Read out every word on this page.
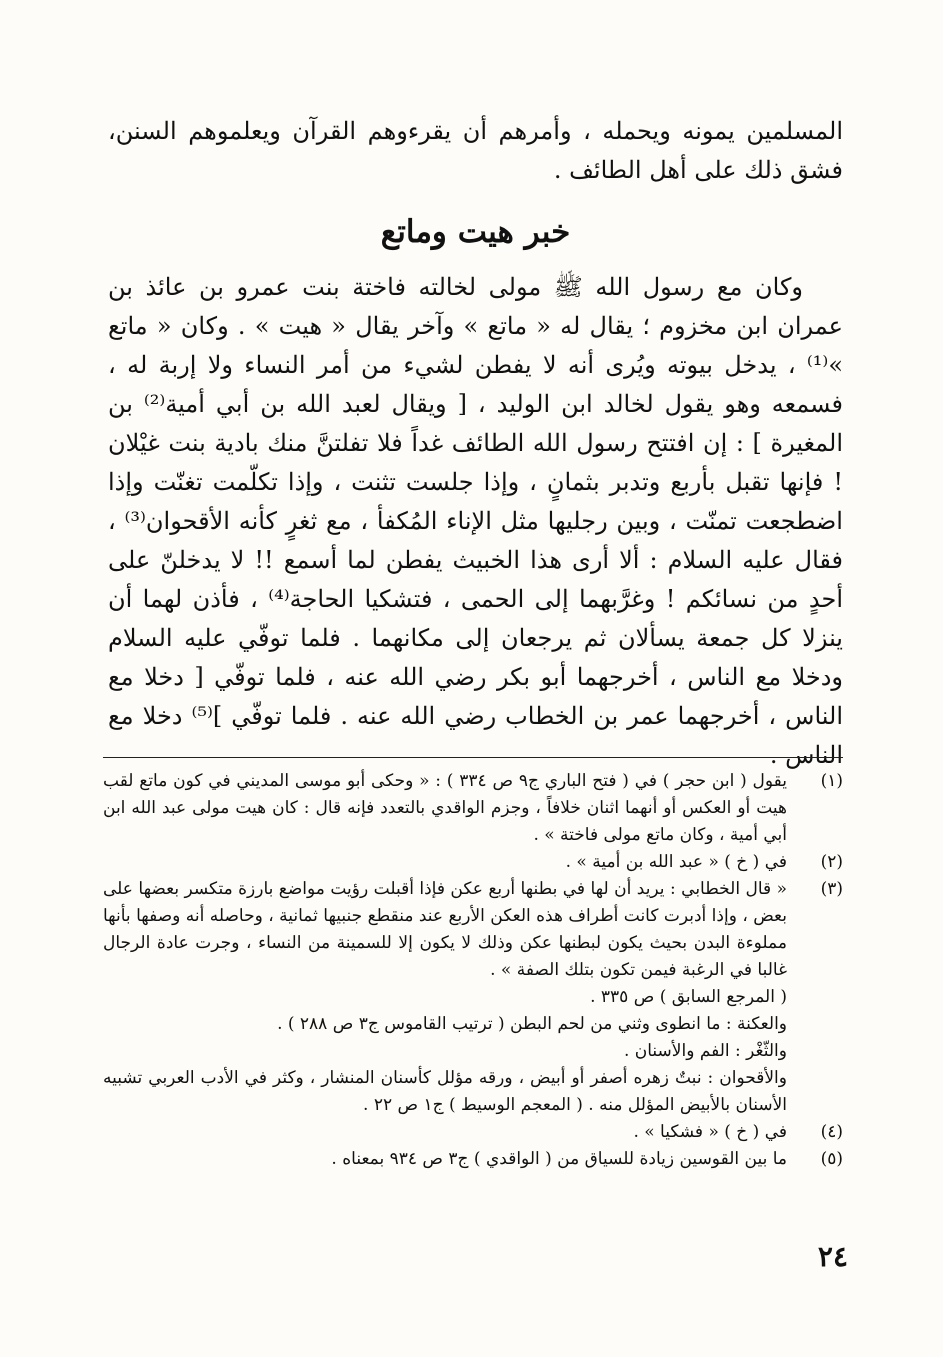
المسلمين يمونه ويحمله ، وأمرهم أن يقرءوهم القرآن ويعلموهم السنن، فشق ذلك على أهل الطائف .

خبر هيت وماتع

وكان مع رسول الله ﷺ مولى لخالته فاختة بنت عمرو بن عائذ بن عمران ابن مخزوم ؛ يقال له « ماتع » وآخر يقال « هيت » . وكان « ماتع »⁽¹⁾ ، يدخل بيوته ويُرى أنه لا يفطن لشيء من أمر النساء ولا إربة له ، فسمعه وهو يقول لخالد ابن الوليد ، [ ويقال لعبد الله بن أبي أمية⁽²⁾ بن المغيرة ] : إن افتتح رسول الله الطائف غداً فلا تفلتنَّ منك بادية بنت غيْلان ! فإنها تقبل بأربع وتدبر بثمانٍ ، وإذا جلست تثنت ، وإذا تكلّمت تغنّت وإذا اضطجعت تمنّت ، وبين رجليها مثل الإناء المُكفأ ، مع ثغرٍ كأنه الأقحوان⁽³⁾ ، فقال عليه السلام : ألا أرى هذا الخبيث يفطن لما أسمع !! لا يدخلنّ على أحدٍ من نسائكم ! وغرَّبهما إلى الحمى ، فتشكيا الحاجة⁽⁴⁾ ، فأذن لهما أن ينزلا كل جمعة يسألان ثم يرجعان إلى مكانهما . فلما توفّي عليه السلام ودخلا مع الناس ، أخرجهما أبو بكر رضي الله عنه ، فلما توفّي [ دخلا مع الناس ، أخرجهما عمر بن الخطاب رضي الله عنه . فلما توفّي ]⁽⁵⁾ دخلا مع الناس .

(١)

يقول ( ابن حجر ) في ( فتح الباري ج٩ ص ٣٣٤ ) : « وحكى أبو موسى المديني في كون ماتع لقب هيت أو العكس أو أنهما اثنان خلافاً ، وجزم الواقدي بالتعدد فإنه قال : كان هيت مولى عبد الله ابن أبي أمية ، وكان ماتع مولى فاختة » .

(٢)

في ( خ ) « عبد الله بن أمية » .

(٣)

« قال الخطابي : يريد أن لها في بطنها أربع عكن فإذا أقبلت رؤيت مواضع بارزة متكسر بعضها على بعض ، وإذا أدبرت كانت أطراف هذه العكن الأربع عند منقطع جنبيها ثمانية ، وحاصله أنه وصفها بأنها مملوءة البدن بحيث يكون لبطنها عكن وذلك لا يكون إلا للسمينة من النساء ، وجرت عادة الرجال غالبا في الرغبة فيمن تكون بتلك الصفة » .

( المرجع السابق ) ص ٣٣٥ .

والعكنة : ما انطوى وثني من لحم البطن ( ترتيب القاموس ج٣ ص ٢٨٨ ) .

والثّغْر : الفم والأسنان .

والأقحوان : نبتٌ زهره أصفر أو أبيض ، ورقه مؤلل كأسنان المنشار ، وكثر في الأدب العربي تشبيه الأسنان بالأبيض المؤلل منه . ( المعجم الوسيط ) ج١ ص ٢٢ .

(٤)

في ( خ ) « فشكيا » .

(٥)

ما بين القوسين زيادة للسياق من ( الواقدي ) ج٣ ص ٩٣٤ بمعناه .

٢٤
